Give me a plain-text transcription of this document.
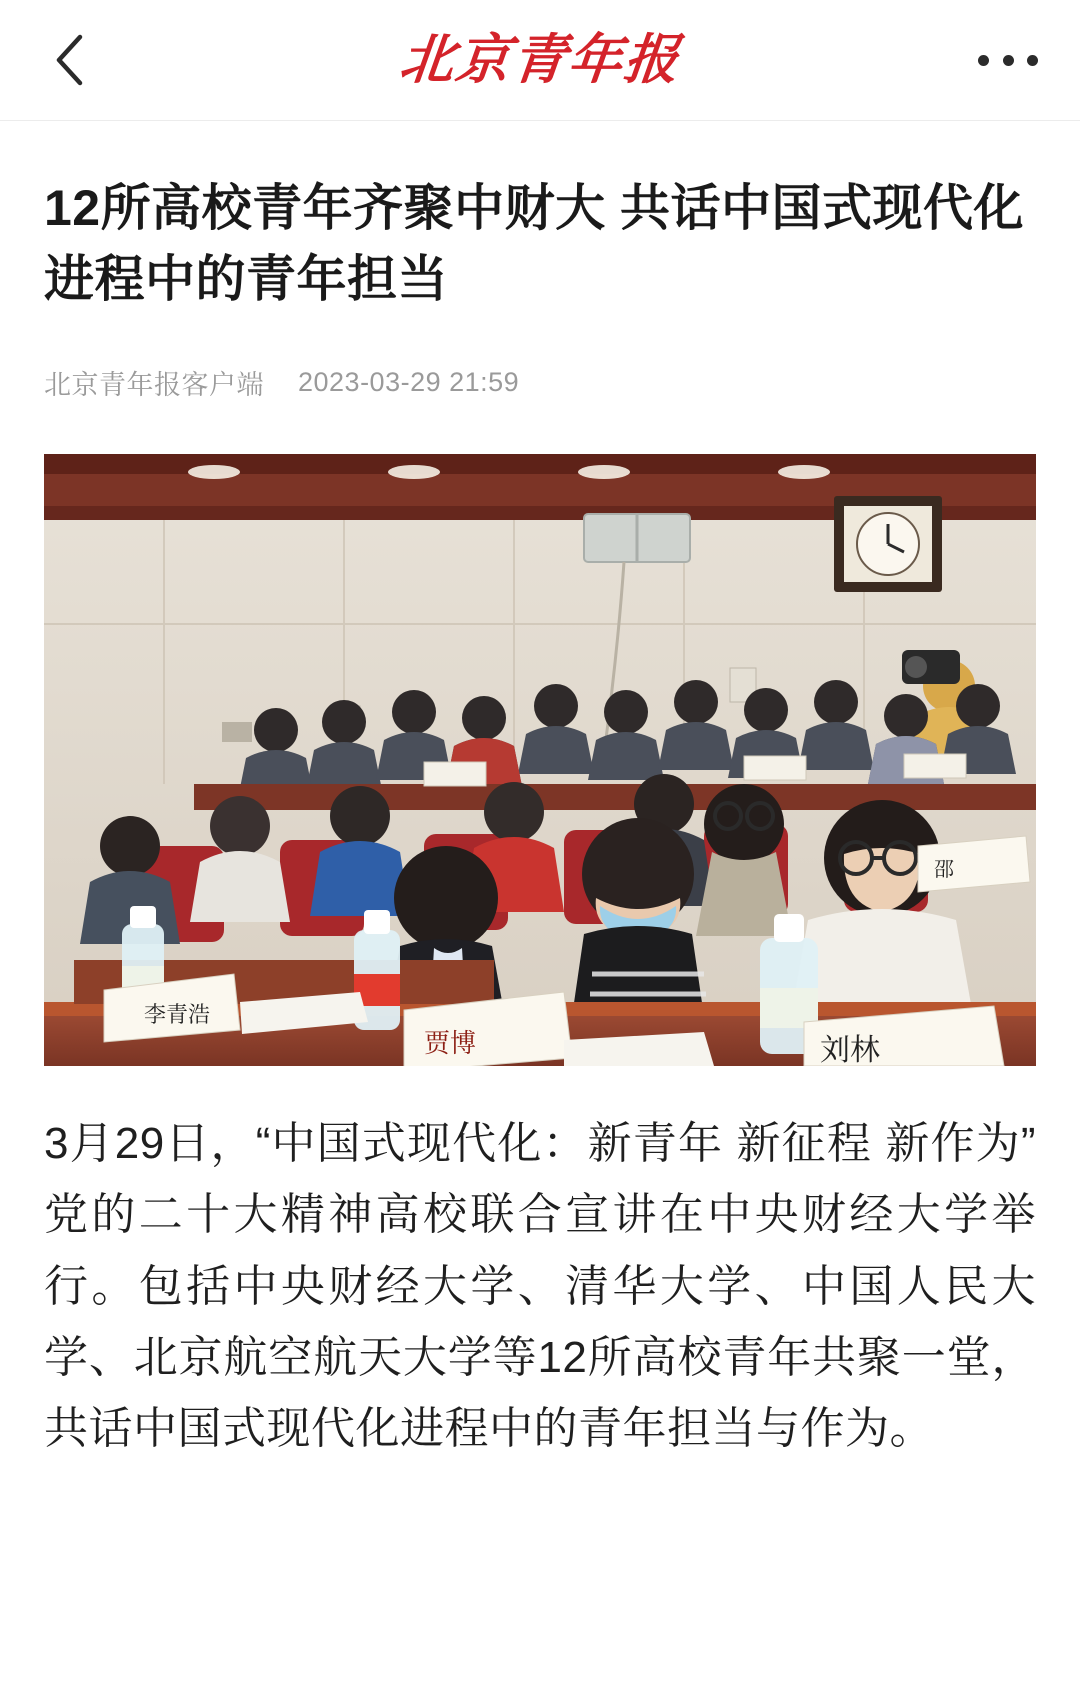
北京青年报
12所高校青年齐聚中财大 共话中国式现代化进程中的青年担当
北京青年报客户端 2023-03-29 21:59
李青浩
贾博	刘林
邵

3月29日，“中国式现代化：新青年 新征程 新作为”党的二十大精神高校联合宣讲在中央财经大学举行。包括中央财经大学、清华大学、中国人民大学、北京航空航天大学等12所高校青年共聚一堂，共话中国式现代化进程中的青年担当与作为。
